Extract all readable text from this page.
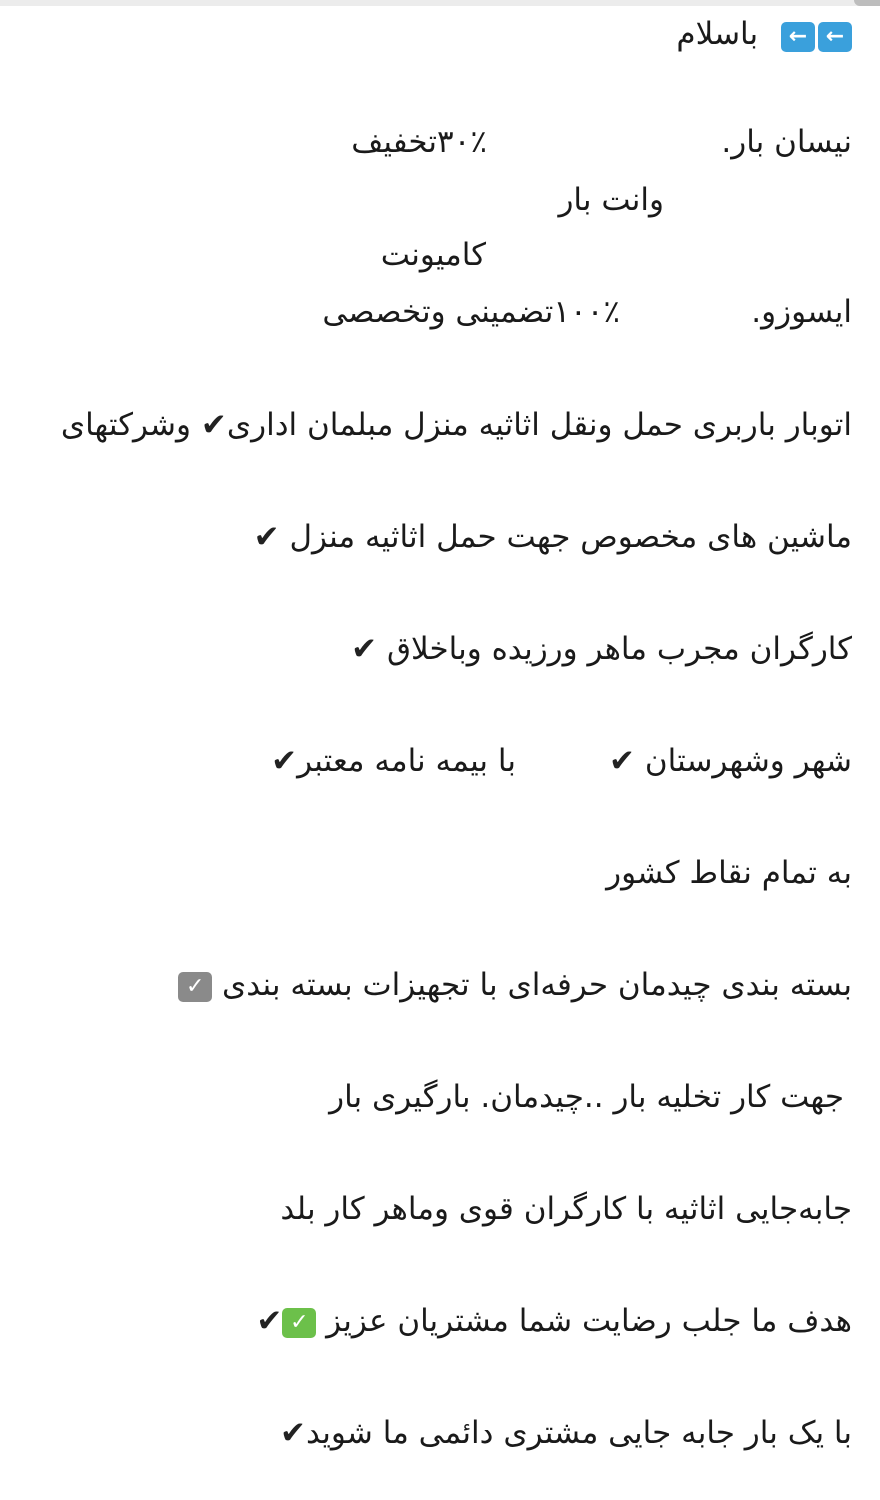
←← باسلام
نیسان بار.
۳۰٪تخفیف
وانت بار
کامیونت
ایسوزو.
۱۰۰٪تضمینی وتخصصی
اتوبار باربری حمل ونقل اثاثیه منزل مبلمان اداری✔ وشرکتهای
ماشین های مخصوص جهت حمل اثاثیه منزل ✔
کارگران مجرب ماهر ورزیده وباخلاق ✔
شهر وشهرستان ✔
با بیمه نامه معتبر✔
به تمام نقاط کشور
بسته بندی چیدمان حرفه‌ای با تجهیزات بسته بندی ✓
جهت کار تخلیه بار ..چیدمان. بارگیری بار
جابه‌جایی اثاثیه با کارگران قوی وماهر کار بلد
هدف ما جلب رضایت شما مشتریان عزیز ✓✔
با یک بار جابه جایی مشتری دائمی ما شوید✔
